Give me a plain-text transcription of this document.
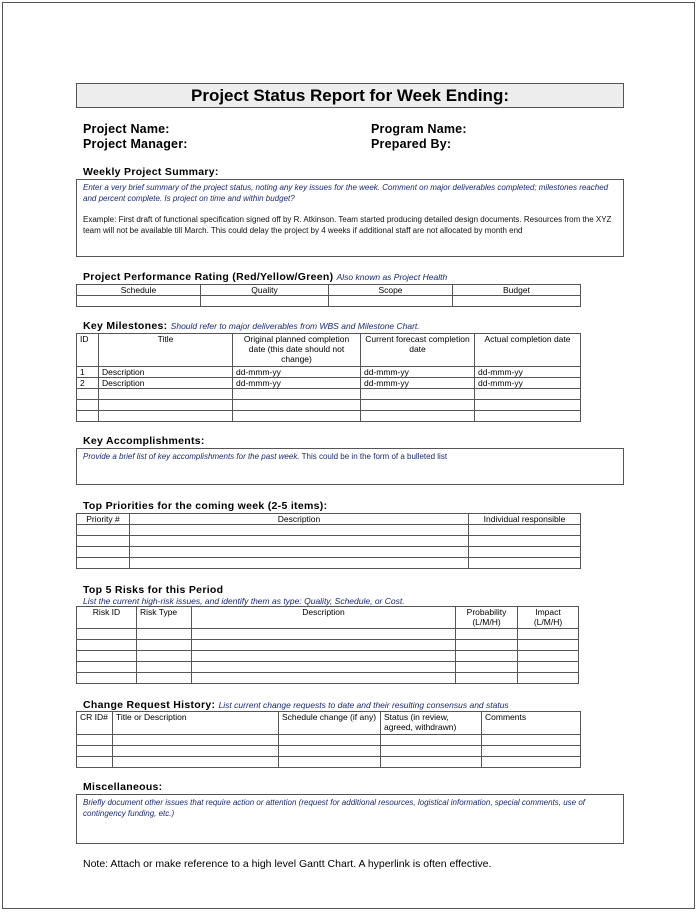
Project Status Report for Week Ending:
Project Name:	Program Name:
Project Manager:	Prepared By:
Weekly Project Summary:
Enter a very brief summary of the project status, noting any key issues for the week. Comment on major deliverables completed; milestones reached and percent complete. Is project on time and within budget?
Example: First draft of functional specification signed off by R. Atkinson. Team started producing detailed design documents. Resources from the XYZ team will not be available till March. This could delay the project by 4 weeks if additional staff are not allocated by month end
Project Performance Rating (Red/Yellow/Green) Also known as Project Health
Schedule	Quality	Scope	Budget

Key Milestones: Should refer to major deliverables from WBS and Milestone Chart.
ID	Title	Original planned completion date (this date should not change)	Current forecast completion date	Actual completion date
1	Description	dd-mmm-yy	dd-mmm-yy	dd-mmm-yy
2	Description	dd-mmm-yy	dd-mmm-yy	dd-mmm-yy

Key Accomplishments:
Provide a brief list of key accomplishments for the past week. This could be in the form of a bulleted list
Top Priorities for the coming week (2-5 items):
Priority #	Description	Individual responsible

Top 5 Risks for this Period
List the current high-risk issues, and identify them as type: Quality, Schedule, or Cost.
Risk ID	Risk Type	Description	Probability (L/M/H)	Impact (L/M/H)

Change Request History: List current change requests to date and their resulting consensus and status
CR ID#	Title or Description	Schedule change (if any)	Status (in review, agreed, withdrawn)	Comments

Miscellaneous:
Briefly document other issues that require action or attention (request for additional resources, logistical information, special comments, use of contingency funding, etc.)
Note: Attach or make reference to a high level Gantt Chart. A hyperlink is often effective.
